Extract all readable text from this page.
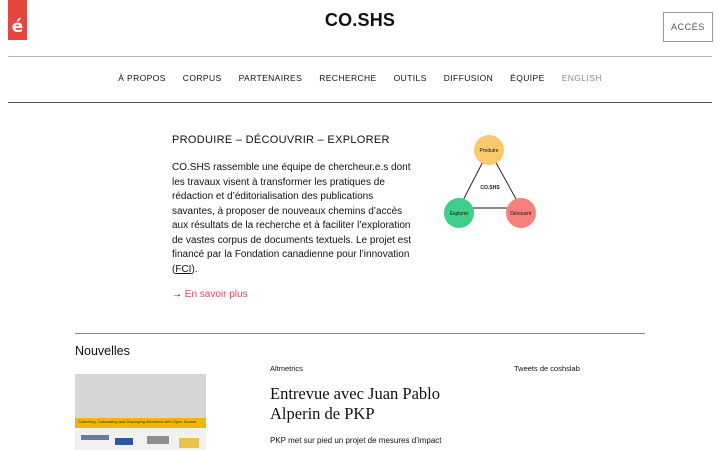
é	CO.SHS	ACCÈS
À PROPOS CORPUS PARTENAIRES RECHERCHE OUTILS DIFFUSION ÉQUIPE ENGLISH
PRODUIRE – DÉCOUVRIR – EXPLORER

CO.SHS rassemble une équipe de chercheur.e.s dont les travaux visent à transformer les pratiques de rédaction et d’éditorialisation des publications savantes, à proposer de nouveaux chemins d’accès aux résultats de la recherche et à faciliter l’exploration de vastes corpus de documents textuels. Le projet est financé par la Fondation canadienne pour l’innovation (FCI).

→ En savoir plus
Produire
CO.SHS
Explorer	Découvrir
Nouvelles
Collecting, Calculating and Displaying Altmetrics with Open Source
Altmetrics
Entrevue avec Juan Pablo Alperin de PKP
PKP met sur pied un projet de mesures d’impact
Tweets de coshslab
